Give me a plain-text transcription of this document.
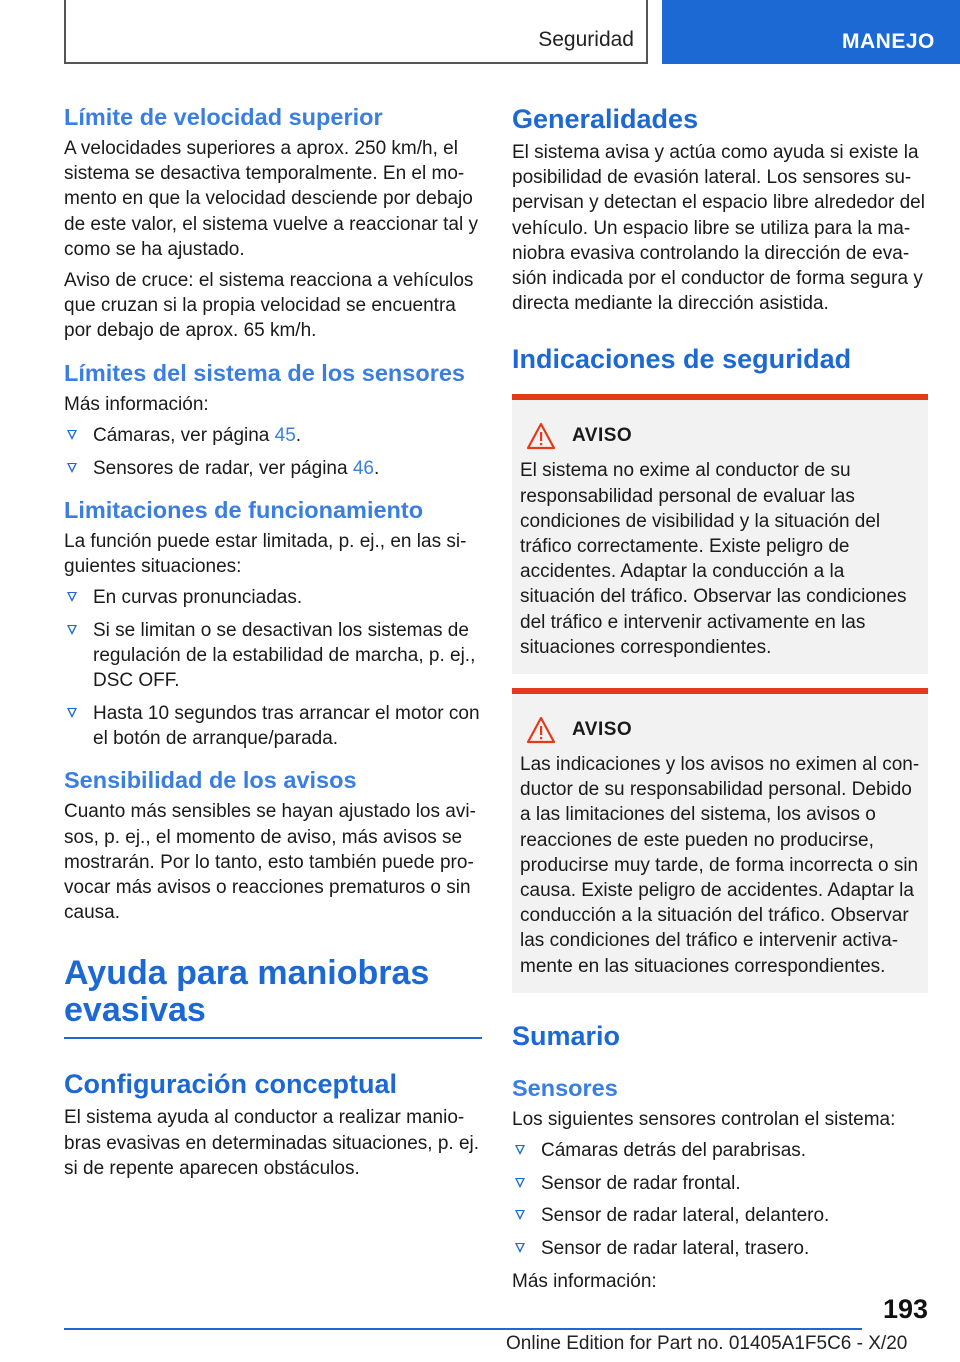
Seguridad	MANEJO
Límite de velocidad superior

A velocidades superiores a aprox. 250 km/h, el sistema se desactiva temporalmente. En el momento en que la velocidad desciende por debajo de este valor, el sistema vuelve a reaccionar tal y como se ha ajustado.

Aviso de cruce: el sistema reacciona a vehículos que cruzan si la propia velocidad se encuentra por debajo de aprox. 65 km/h.

Límites del sistema de los sensores

Más información:

Cámaras, ver página 45.
Sensores de radar, ver página 46.
Limitaciones de funcionamiento

La función puede estar limitada, p. ej., en las siguientes situaciones:

En curvas pronunciadas.
Si se limitan o se desactivan los sistemas de regulación de la estabilidad de marcha, p. ej., DSC OFF.
Hasta 10 segundos tras arrancar el motor con el botón de arranque/parada.
Sensibilidad de los avisos

Cuanto más sensibles se hayan ajustado los avisos, p. ej., el momento de aviso, más avisos se mostrarán. Por lo tanto, esto también puede provocar más avisos o reacciones prematuros o sin causa.

Ayuda para maniobras evasivas
Configuración conceptual

El sistema ayuda al conductor a realizar maniobras evasivas en determinadas situaciones, p. ej. si de repente aparecen obstáculos.

Generalidades

El sistema avisa y actúa como ayuda si existe la posibilidad de evasión lateral. Los sensores supervisan y detectan el espacio libre alrededor del vehículo. Un espacio libre se utiliza para la maniobra evasiva controlando la dirección de evasión indicada por el conductor de forma segura y directa mediante la dirección asistida.

Indicaciones de seguridad
AVISO

El sistema no exime al conductor de su responsabilidad personal de evaluar las condiciones de visibilidad y la situación del tráfico correctamente. Existe peligro de accidentes. Adaptar la conducción a la situación del tráfico. Observar las condiciones del tráfico e intervenir activamente en las situaciones correspondientes.

AVISO

Las indicaciones y los avisos no eximen al conductor de su responsabilidad personal. Debido a las limitaciones del sistema, los avisos o reacciones de este pueden no producirse, producirse muy tarde, de forma incorrecta o sin causa. Existe peligro de accidentes. Adaptar la conducción a la situación del tráfico. Observar las condiciones del tráfico e intervenir activamente en las situaciones correspondientes.

Sumario
Sensores

Los siguientes sensores controlan el sistema:

Cámaras detrás del parabrisas.
Sensor de radar frontal.
Sensor de radar lateral, delantero.
Sensor de radar lateral, trasero.

Más información:

193
Online Edition for Part no. 01405A1F5C6 - X/20
